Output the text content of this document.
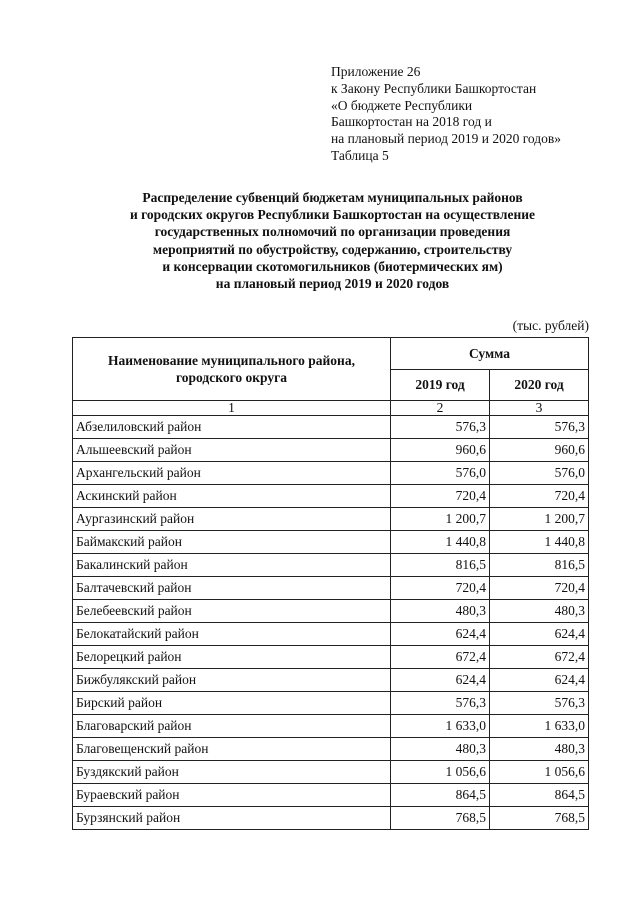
Приложение 26
к Закону Республики Башкортостан
«О бюджете Республики
Башкортостан на 2018 год и
на плановый период 2019 и 2020 годов»
Таблица 5
Распределение субвенций бюджетам муниципальных районов
и городских округов Республики Башкортостан на осуществление
государственных полномочий по организации проведения
мероприятий по обустройству, содержанию, строительству
и консервации скотомогильников (биотермических ям)
на плановый период 2019 и 2020 годов
(тыс. рублей)
Наименование муниципального района, городского округа	Сумма	
	2019 год	2020 год
1	2	3
Абзелиловский район	576,3	576,3
Альшеевский район	960,6	960,6
Архангельский район	576,0	576,0
Аскинский район	720,4	720,4
Аургазинский район	1 200,7	1 200,7
Баймакский район	1 440,8	1 440,8
Бакалинский район	816,5	816,5
Балтачевский район	720,4	720,4
Белебеевский район	480,3	480,3
Белокатайский район	624,4	624,4
Белорецкий район	672,4	672,4
Бижбулякский район	624,4	624,4
Бирский район	576,3	576,3
Благоварский район	1 633,0	1 633,0
Благовещенский район	480,3	480,3
Буздякский район	1 056,6	1 056,6
Бураевский район	864,5	864,5
Бурзянский район	768,5	768,5
